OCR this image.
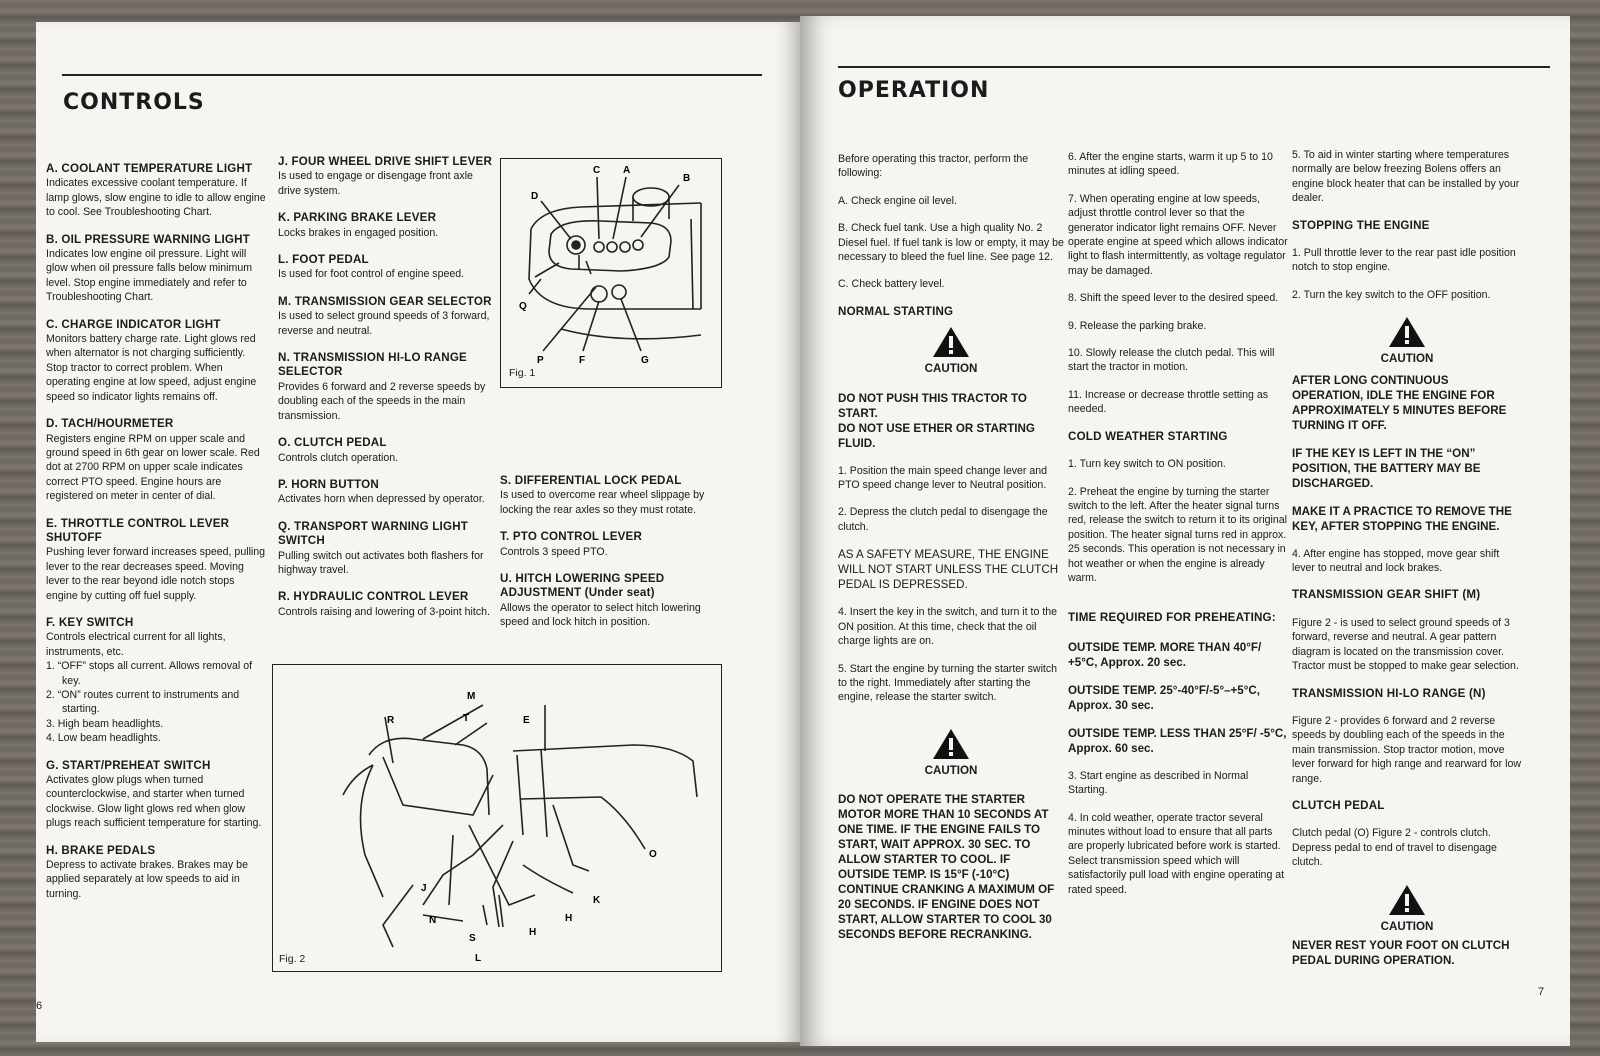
CONTROLS
A. COOLANT TEMPERATURE LIGHT
Indicates excessive coolant temperature. If lamp glows, slow engine to idle to allow engine to cool. See Troubleshooting Chart.
B. OIL PRESSURE WARNING LIGHT
Indicates low engine oil pressure. Light will glow when oil pressure falls below minimum level. Stop engine immediately and refer to Troubleshooting Chart.
C. CHARGE INDICATOR LIGHT
Monitors battery charge rate. Light glows red when alternator is not charging sufficiently. Stop tractor to correct problem. When operating engine at low speed, adjust engine speed so indicator lights remains off.
D. TACH/HOURMETER
Registers engine RPM on upper scale and ground speed in 6th gear on lower scale. Red dot at 2700 RPM on upper scale indicates correct PTO speed. Engine hours are registered on meter in center of dial.
E. THROTTLE CONTROL LEVER SHUTOFF
Pushing lever forward increases speed, pulling lever to the rear decreases speed. Moving lever to the rear beyond idle notch stops engine by cutting off fuel supply.
F. KEY SWITCH
Controls electrical current for all lights, instruments, etc.
1. “OFF” stops all current. Allows removal of key.
2. “ON” routes current to instruments and starting.
3. High beam headlights.
4. Low beam headlights.
G. START/PREHEAT SWITCH
Activates glow plugs when turned counterclockwise, and starter when turned clockwise. Glow light glows red when glow plugs reach sufficient temperature for starting.
H. BRAKE PEDALS
Depress to activate brakes. Brakes may be applied separately at low speeds to aid in turning.
J. FOUR WHEEL DRIVE SHIFT LEVER
Is used to engage or disengage front axle drive system.
K. PARKING BRAKE LEVER
Locks brakes in engaged position.
L. FOOT PEDAL
Is used for foot control of engine speed.
M. TRANSMISSION GEAR SELECTOR
Is used to select ground speeds of 3 forward, reverse and neutral.
N. TRANSMISSION HI-LO RANGE SELECTOR
Provides 6 forward and 2 reverse speeds by doubling each of the speeds in the main transmission.
O. CLUTCH PEDAL
Controls clutch operation.
P. HORN BUTTON
Activates horn when depressed by operator.
Q. TRANSPORT WARNING LIGHT SWITCH
Pulling switch out activates both flashers for highway travel.
R. HYDRAULIC CONTROL LEVER
Controls raising and lowering of 3-point hitch.
S. DIFFERENTIAL LOCK PEDAL
Is used to overcome rear wheel slippage by locking the rear axles so they must rotate.
T. PTO CONTROL LEVER
Controls 3 speed PTO.
U. HITCH LOWERING SPEED ADJUSTMENT (Under seat)
Allows the operator to select hitch lowering speed and lock hitch in position.
C A
B
D
Q
P	F	G
Fig. 1
M
R	T	E
O
J
K
N	H
H
S
L
Fig. 2
6
OPERATION

Before operating this tractor, perform the following:

A. Check engine oil level.

B. Check fuel tank. Use a high quality No. 2 Diesel fuel. If fuel tank is low or empty, it may be necessary to bleed the fuel line. See page 12.

C. Check battery level.

NORMAL STARTING

CAUTION

DO NOT PUSH THIS TRACTOR TO START.
DO NOT USE ETHER OR STARTING FLUID.

1. Position the main speed change lever and PTO speed change lever to Neutral position.

2. Depress the clutch pedal to disengage the clutch.

AS A SAFETY MEASURE, THE ENGINE WILL NOT START UNLESS THE CLUTCH PEDAL IS DEPRESSED.

4. Insert the key in the switch, and turn it to the ON position. At this time, check that the oil charge lights are on.

5. Start the engine by turning the starter switch to the right. Immediately after starting the engine, release the starter switch.

CAUTION

DO NOT OPERATE THE STARTER MOTOR MORE THAN 10 SECONDS AT ONE TIME. IF THE ENGINE FAILS TO START, WAIT APPROX. 30 SEC. TO ALLOW STARTER TO COOL. IF OUTSIDE TEMP. IS 15°F (-10°C) CONTINUE CRANKING A MAXIMUM OF 20 SECONDS. IF ENGINE DOES NOT START, ALLOW STARTER TO COOL 30 SECONDS BEFORE RECRANKING.

6. After the engine starts, warm it up 5 to 10 minutes at idling speed.

7. When operating engine at low speeds, adjust throttle control lever so that the generator indicator light remains OFF. Never operate engine at speed which allows indicator light to flash intermittently, as voltage regulator may be damaged.

8. Shift the speed lever to the desired speed.

9. Release the parking brake.

10. Slowly release the clutch pedal. This will start the tractor in motion.

11. Increase or decrease throttle setting as needed.

COLD WEATHER STARTING

1. Turn key switch to ON position.

2. Preheat the engine by turning the starter switch to the left. After the heater signal turns red, release the switch to return it to its original position. The heater signal turns red in approx. 25 seconds. This operation is not necessary in hot weather or when the engine is already warm.

TIME REQUIRED FOR PREHEATING:

OUTSIDE TEMP. MORE THAN 40°F/ +5°C, Approx. 20 sec.

OUTSIDE TEMP. 25°-40°F/-5°–+5°C, Approx. 30 sec.

OUTSIDE TEMP. LESS THAN 25°F/ -5°C, Approx. 60 sec.

3. Start engine as described in Normal Starting.

4. In cold weather, operate tractor several minutes without load to ensure that all parts are properly lubricated before work is started. Select transmission speed which will satisfactorily pull load with engine operating at rated speed.

5. To aid in winter starting where temperatures normally are below freezing Bolens offers an engine block heater that can be installed by your dealer.

STOPPING THE ENGINE

1. Pull throttle lever to the rear past idle position notch to stop engine.

2. Turn the key switch to the OFF position.

CAUTION

AFTER LONG CONTINUOUS OPERATION, IDLE THE ENGINE FOR APPROXIMATELY 5 MINUTES BEFORE TURNING IT OFF.

IF THE KEY IS LEFT IN THE “ON” POSITION, THE BATTERY MAY BE DISCHARGED.

MAKE IT A PRACTICE TO REMOVE THE KEY, AFTER STOPPING THE ENGINE.

4. After engine has stopped, move gear shift lever to neutral and lock brakes.

TRANSMISSION GEAR SHIFT (M)

Figure 2 - is used to select ground speeds of 3 forward, reverse and neutral. A gear pattern diagram is located on the transmission cover. Tractor must be stopped to make gear selection.

TRANSMISSION HI-LO RANGE (N)

Figure 2 - provides 6 forward and 2 reverse speeds by doubling each of the speeds in the main transmission. Stop tractor motion, move lever forward for high range and rearward for low range.

CLUTCH PEDAL

Clutch pedal (O) Figure 2 - controls clutch. Depress pedal to end of travel to disengage clutch.

CAUTION

NEVER REST YOUR FOOT ON CLUTCH PEDAL DURING OPERATION.

7
